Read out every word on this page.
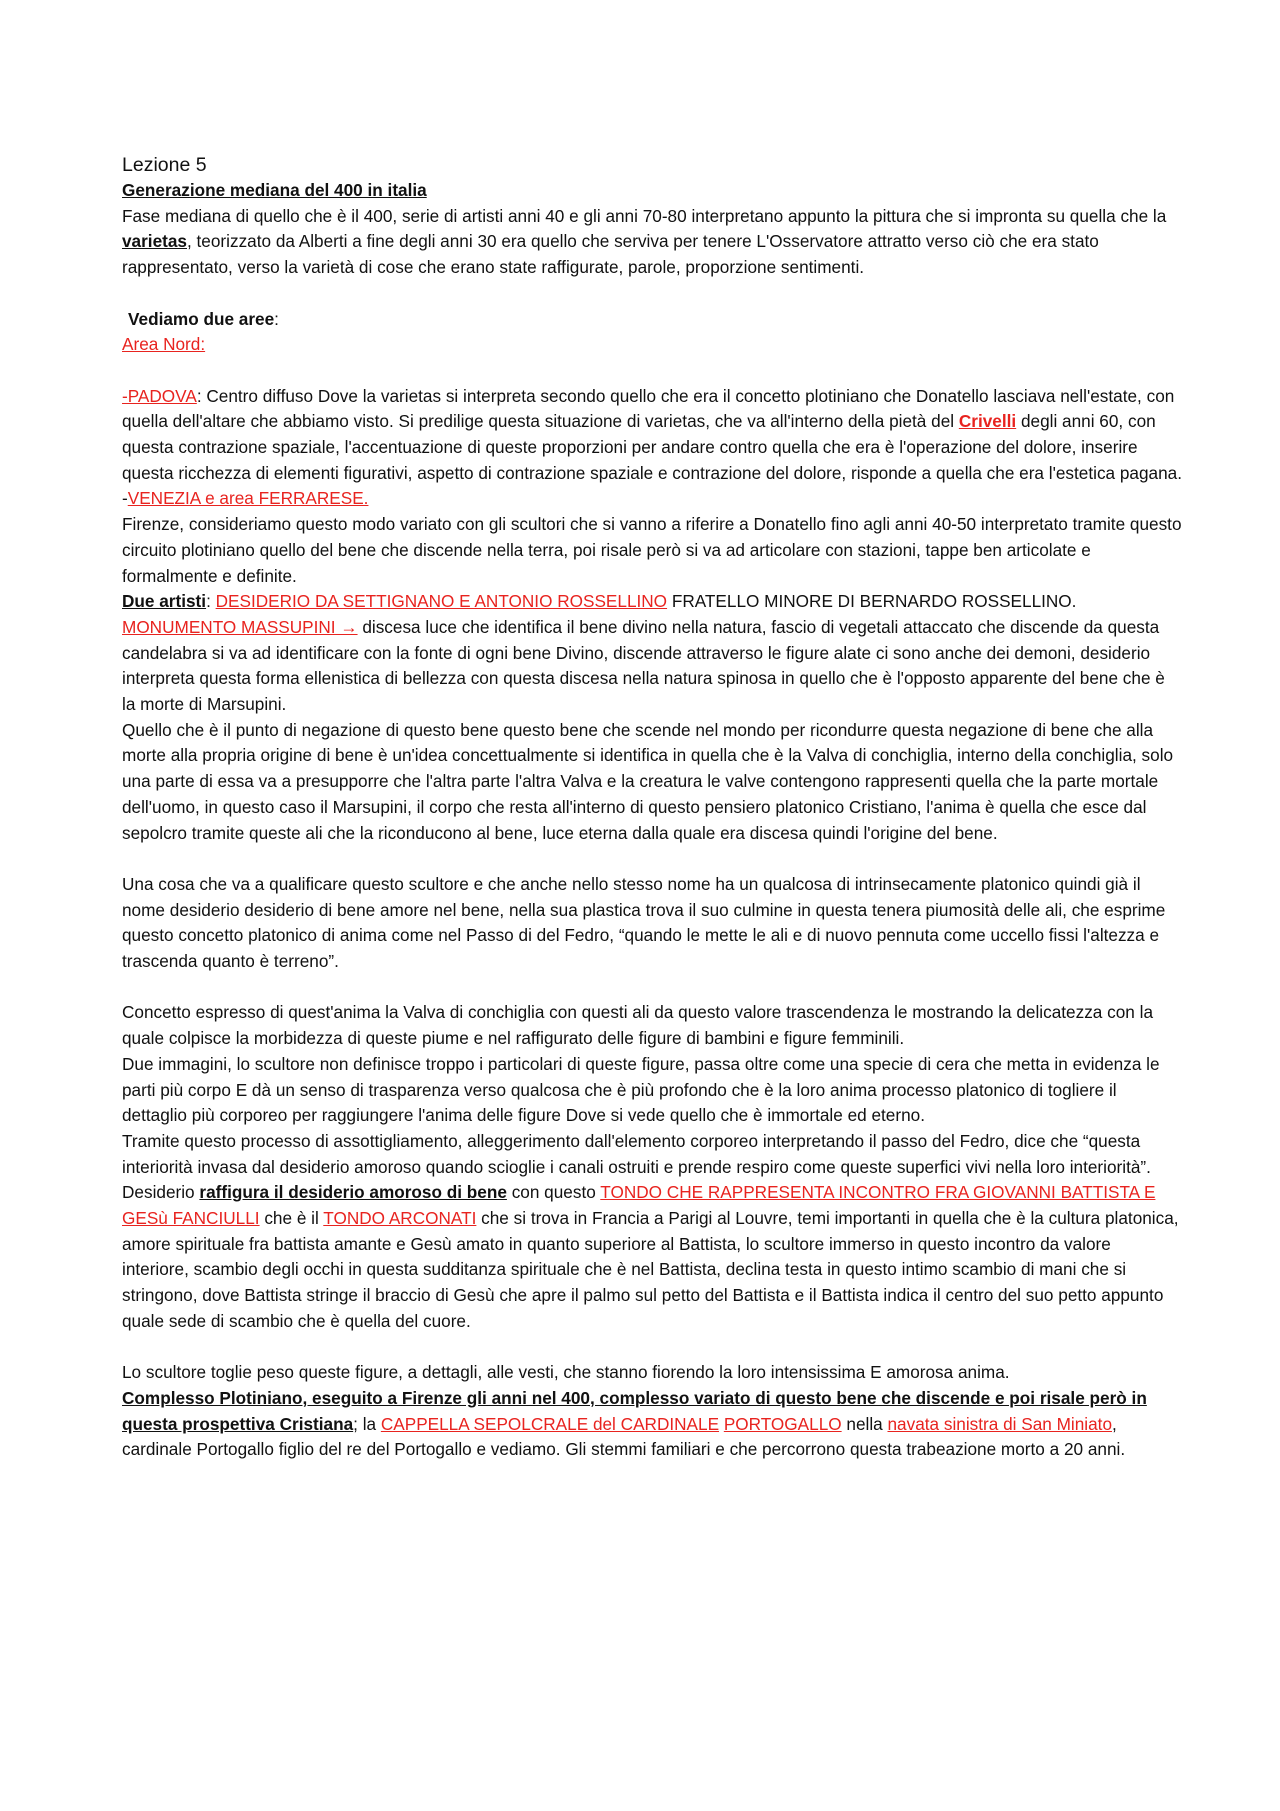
Lezione 5

Generazione mediana del 400 in italia

Fase mediana di quello che è il 400, serie di artisti anni 40 e gli anni 70-80 interpretano appunto la pittura che si impronta su quella che la varietas, teorizzato da Alberti a fine degli anni 30 era quello che serviva per tenere L'Osservatore attratto verso ciò che era stato rappresentato, verso la varietà di cose che erano state raffigurate, parole, proporzione sentimenti.

Vediamo due aree:

Area Nord:

-PADOVA: Centro diffuso Dove la varietas si interpreta secondo quello che era il concetto plotiniano che Donatello lasciava nell'estate, con quella dell'altare che abbiamo visto. Si predilige questa situazione di varietas, che va all'interno della pietà del Crivelli degli anni 60, con questa contrazione spaziale, l'accentuazione di queste proporzioni per andare contro quella che era è l'operazione del dolore, inserire questa ricchezza di elementi figurativi, aspetto di contrazione spaziale e contrazione del dolore, risponde a quella che era l'estetica pagana.

-VENEZIA e area FERRARESE.

Firenze, consideriamo questo modo variato con gli scultori che si vanno a riferire a Donatello fino agli anni 40-50 interpretato tramite questo circuito plotiniano quello del bene che discende nella terra, poi risale però si va ad articolare con stazioni, tappe ben articolate e formalmente e definite.

Due artisti: DESIDERIO DA SETTIGNANO E ANTONIO ROSSELLINO FRATELLO MINORE DI BERNARDO ROSSELLINO.

MONUMENTO MASSUPINI → discesa luce che identifica il bene divino nella natura, fascio di vegetali attaccato che discende da questa candelabra si va ad identificare con la fonte di ogni bene Divino, discende attraverso le figure alate ci sono anche dei demoni, desiderio interpreta questa forma ellenistica di bellezza con questa discesa nella natura spinosa in quello che è l'opposto apparente del bene che è la morte di Marsupini.

Quello che è il punto di negazione di questo bene questo bene che scende nel mondo per ricondurre questa negazione di bene che alla morte alla propria origine di bene è un'idea concettualmente si identifica in quella che è la Valva di conchiglia, interno della conchiglia, solo una parte di essa va a presupporre che l'altra parte l'altra Valva e la creatura le valve contengono rappresenti quella che la parte mortale dell'uomo, in questo caso il Marsupini, il corpo che resta all'interno di questo pensiero platonico Cristiano, l'anima è quella che esce dal sepolcro tramite queste ali che la riconducono al bene, luce eterna dalla quale era discesa quindi l'origine del bene.

Una cosa che va a qualificare questo scultore e che anche nello stesso nome ha un qualcosa di intrinsecamente platonico quindi già il nome desiderio desiderio di bene amore nel bene, nella sua plastica trova il suo culmine in questa tenera piumosità delle ali, che esprime questo concetto platonico di anima come nel Passo di del Fedro, “quando le mette le ali e di nuovo pennuta come uccello fissi l'altezza e trascenda quanto è terreno”.

Concetto espresso di quest'anima la Valva di conchiglia con questi ali da questo valore trascendenza le mostrando la delicatezza con la quale colpisce la morbidezza di queste piume e nel raffigurato delle figure di bambini e figure femminili.

Due immagini, lo scultore non definisce troppo i particolari di queste figure, passa oltre come una specie di cera che metta in evidenza le parti più corpo E dà un senso di trasparenza verso qualcosa che è più profondo che è la loro anima processo platonico di togliere il dettaglio più corporeo per raggiungere l'anima delle figure Dove si vede quello che è immortale ed eterno.

Tramite questo processo di assottigliamento, alleggerimento dall'elemento corporeo interpretando il passo del Fedro, dice che “questa interiorità invasa dal desiderio amoroso quando scioglie i canali ostruiti e prende respiro come queste superfici vivi nella loro interiorità”.

Desiderio raffigura il desiderio amoroso di bene con questo TONDO CHE RAPPRESENTA INCONTRO FRA GIOVANNI BATTISTA E GESù FANCIULLI che è il TONDO ARCONATI che si trova in Francia a Parigi al Louvre, temi importanti in quella che è la cultura platonica, amore spirituale fra battista amante e Gesù amato in quanto superiore al Battista, lo scultore immerso in questo incontro da valore interiore, scambio degli occhi in questa sudditanza spirituale che è nel Battista, declina testa in questo intimo scambio di mani che si stringono, dove Battista stringe il braccio di Gesù che apre il palmo sul petto del Battista e il Battista indica il centro del suo petto appunto quale sede di scambio che è quella del cuore.

Lo scultore toglie peso queste figure, a dettagli, alle vesti, che stanno fiorendo la loro intensissima E amorosa anima.

Complesso Plotiniano, eseguito a Firenze gli anni nel 400, complesso variato di questo bene che discende e poi risale però in questa prospettiva Cristiana; la CAPPELLA SEPOLCRALE del CARDINALE PORTOGALLO nella navata sinistra di San Miniato, cardinale Portogallo figlio del re del Portogallo e vediamo. Gli stemmi familiari e che percorrono questa trabeazione morto a 20 anni.
